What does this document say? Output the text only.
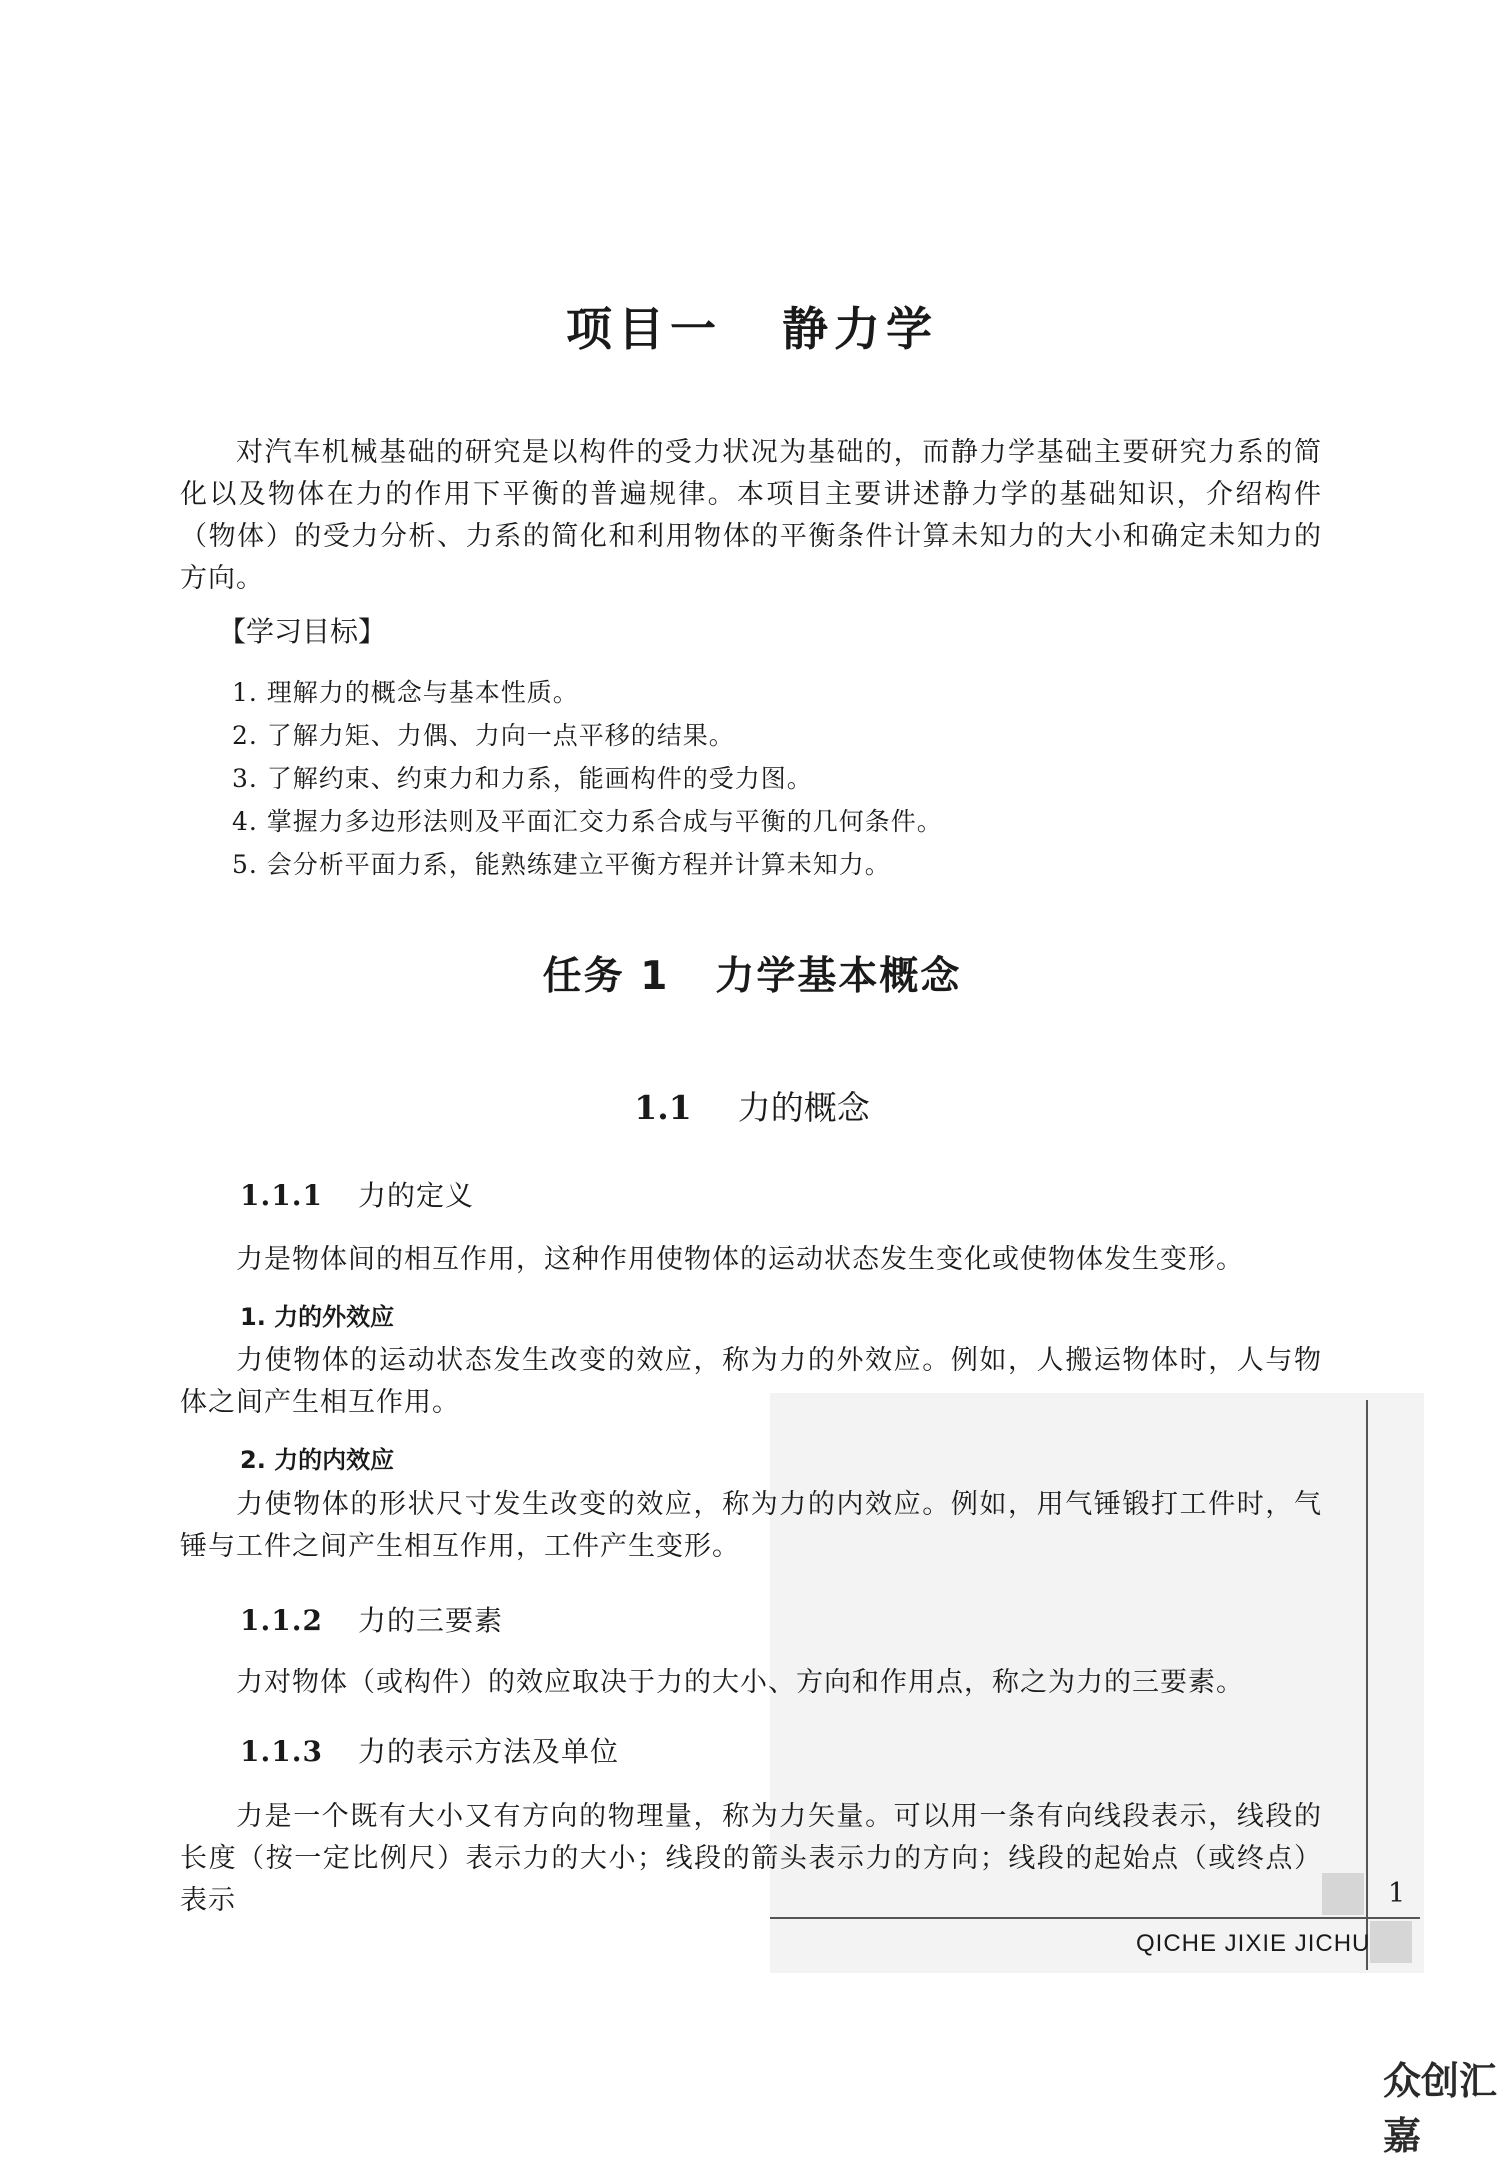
项目一 静力学
对汽车机械基础的研究是以构件的受力状况为基础的，而静力学基础主要研究力系的简化以及物体在力的作用下平衡的普遍规律。本项目主要讲述静力学的基础知识，介绍构件（物体）的受力分析、力系的简化和利用物体的平衡条件计算未知力的大小和确定未知力的方向。
【学习目标】
1. 理解力的概念与基本性质。
2. 了解力矩、力偶、力向一点平移的结果。
3. 了解约束、约束力和力系，能画构件的受力图。
4. 掌握力多边形法则及平面汇交力系合成与平衡的几何条件。
5. 会分析平面力系，能熟练建立平衡方程并计算未知力。
任务 1 力学基本概念
1.1 力的概念
1.1.1 力的定义
力是物体间的相互作用，这种作用使物体的运动状态发生变化或使物体发生变形。
1. 力的外效应
力使物体的运动状态发生改变的效应，称为力的外效应。例如，人搬运物体时，人与物体之间产生相互作用。
2. 力的内效应
力使物体的形状尺寸发生改变的效应，称为力的内效应。例如，用气锤锻打工件时，气锤与工件之间产生相互作用，工件产生变形。
1.1.2 力的三要素
力对物体（或构件）的效应取决于力的大小、方向和作用点，称之为力的三要素。
1.1.3 力的表示方法及单位
力是一个既有大小又有方向的物理量，称为力矢量。可以用一条有向线段表示，线段的长度（按一定比例尺）表示力的大小；线段的箭头表示力的方向；线段的起始点（或终点）表示	1
QICHE JIXIE JICHU
众创汇嘉
